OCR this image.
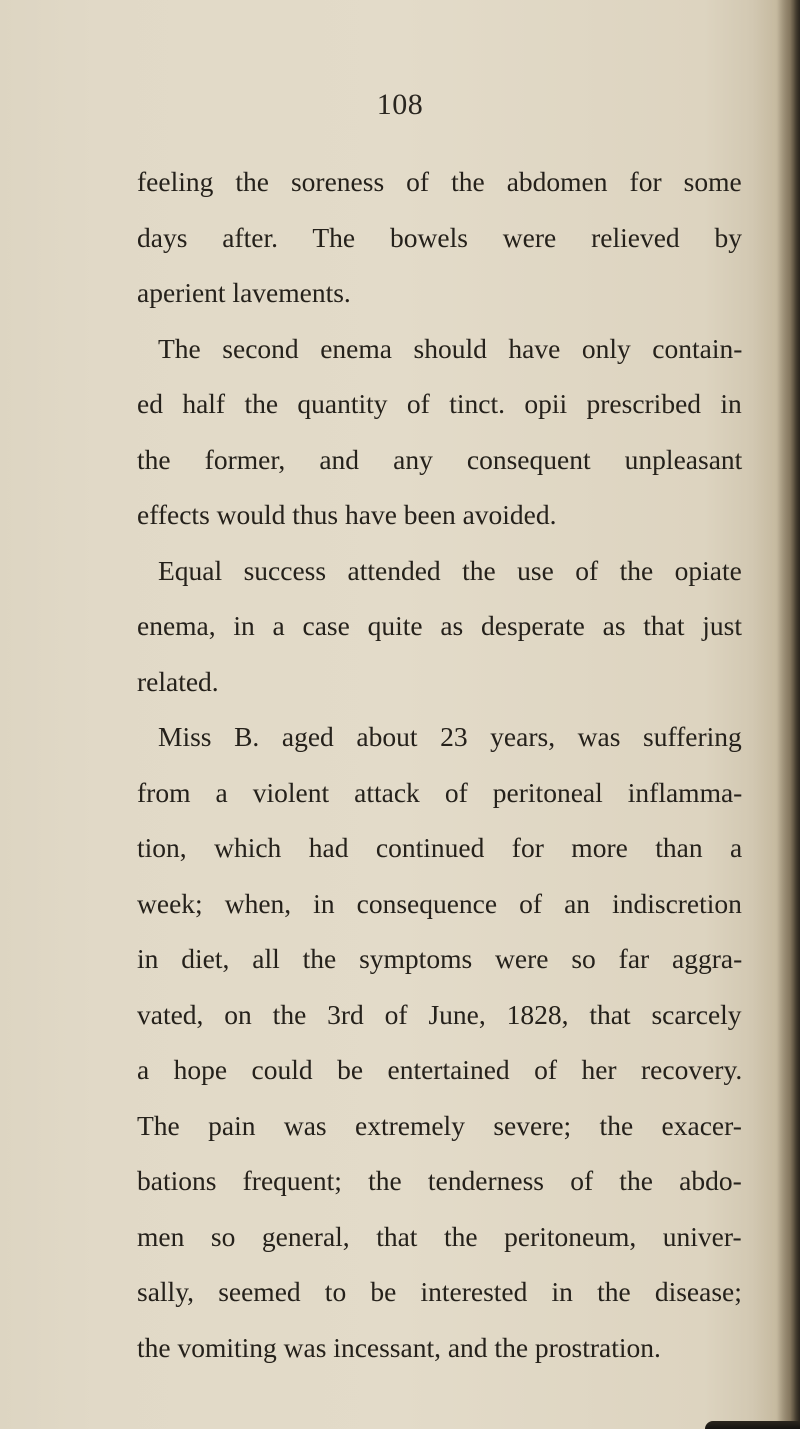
108
feeling the soreness of the abdomen for some
days after. The bowels were relieved by
aperient lavements.
The second enema should have only contain-
ed half the quantity of tinct. opii prescribed in
the former, and any consequent unpleasant
effects would thus have been avoided.
Equal success attended the use of the opiate
enema, in a case quite as desperate as that just
related.
Miss B. aged about 23 years, was suffering
from a violent attack of peritoneal inflamma-
tion, which had continued for more than a
week; when, in consequence of an indiscretion
in diet, all the symptoms were so far aggra-
vated, on the 3rd of June, 1828, that scarcely
a hope could be entertained of her recovery.
The pain was extremely severe; the exacer-
bations frequent; the tenderness of the abdo-
men so general, that the peritoneum, univer-
sally, seemed to be interested in the disease;
the vomiting was incessant, and the prostration.
